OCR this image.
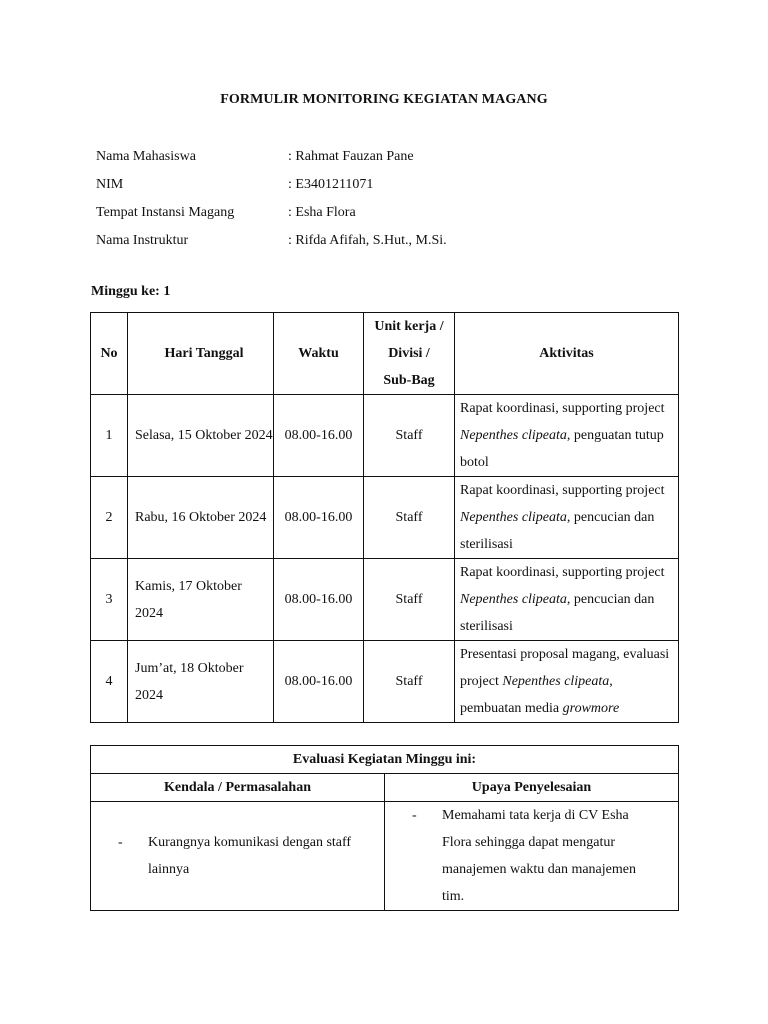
FORMULIR MONITORING KEGIATAN MAGANG
Nama Mahasiswa	: Rahmat Fauzan Pane
NIM	: E3401211071
Tempat Instansi Magang	: Esha Flora
Nama Instruktur	: Rifda Afifah, S.Hut., M.Si.
Minggu ke: 1
No	Hari Tanggal	Waktu	Unit kerja /
Divisi /
Sub-Bag	Aktivitas
1	Selasa, 15 Oktober 2024	08.00-16.00	Staff	Rapat koordinasi, supporting project Nepenthes clipeata, penguatan tutup botol
2	Rabu, 16 Oktober 2024	08.00-16.00	Staff	Rapat koordinasi, supporting project Nepenthes clipeata, pencucian dan sterilisasi
3	Kamis, 17 Oktober 2024	08.00-16.00	Staff	Rapat koordinasi, supporting project Nepenthes clipeata, pencucian dan sterilisasi
4	Jum’at, 18 Oktober 2024	08.00-16.00	Staff	Presentasi proposal magang, evaluasi project Nepenthes clipeata, pembuatan media growmore
Evaluasi Kegiatan Minggu ini:	
Kendala / Permasalahan	Upaya Penyelesaian

- Kurangnya komunikasi dengan staff lainnya	- Memahami tata kerja di CV Esha Flora sehingga dapat mengatur manajemen waktu dan manajemen tim.
